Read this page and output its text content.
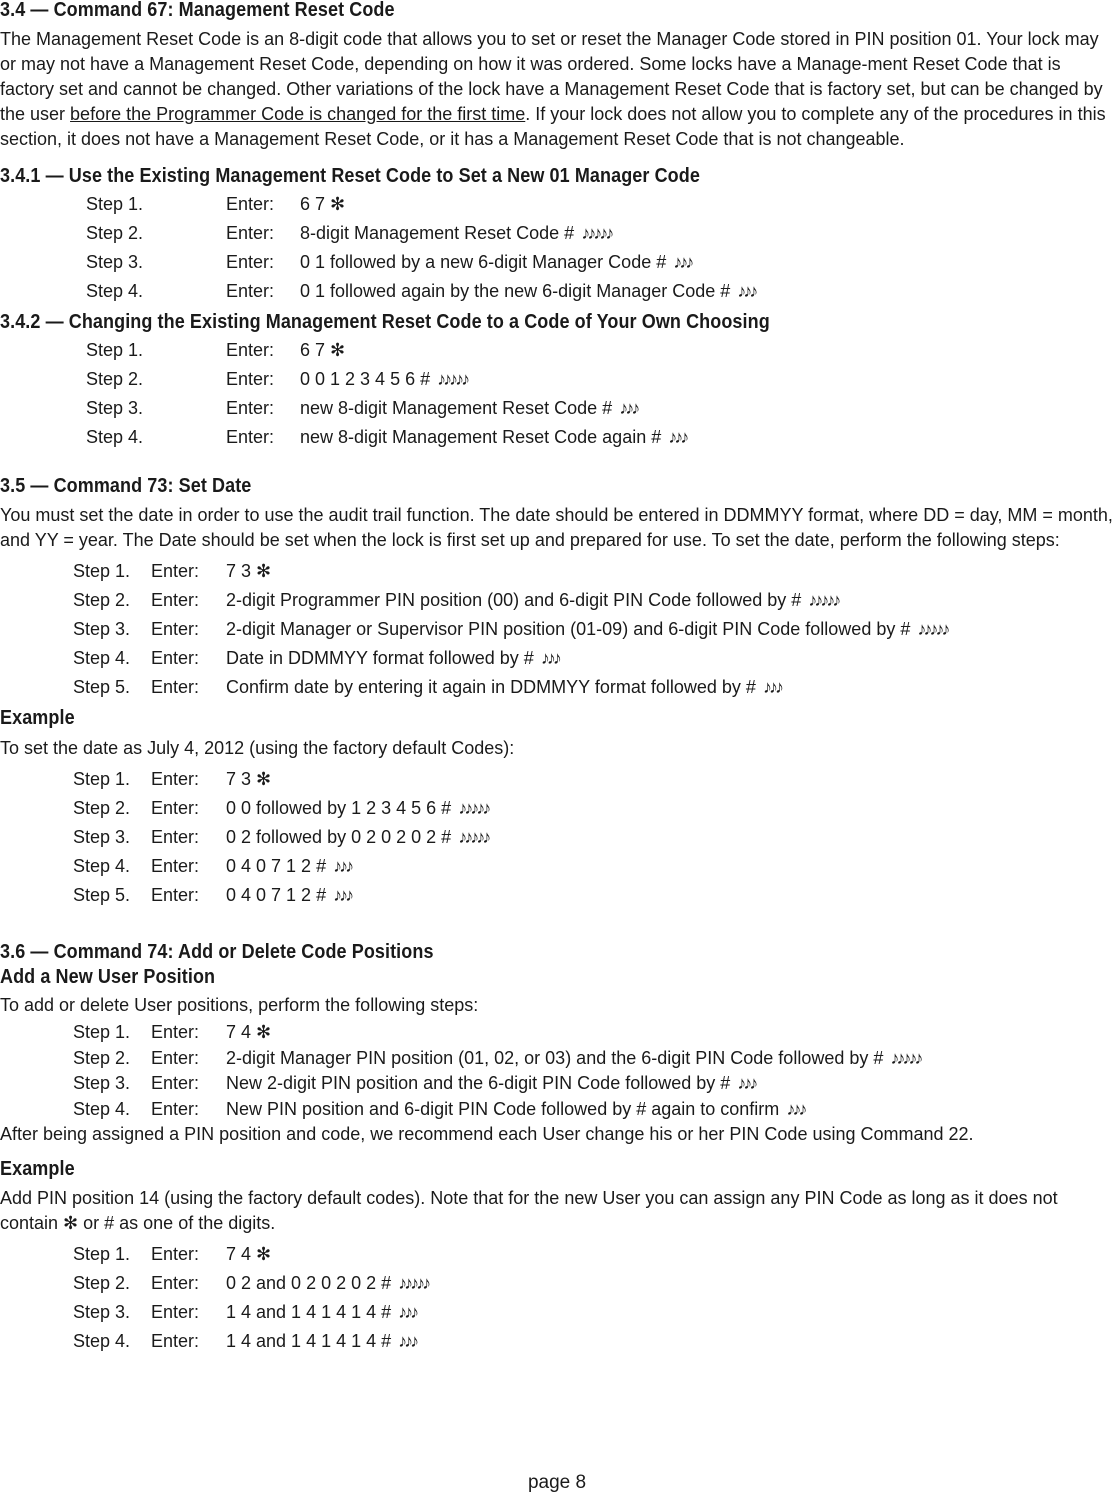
3.4 — Command 67: Management Reset Code

The Management Reset Code is an 8-digit code that allows you to set or reset the Manager Code stored in PIN position 01. Your lock may or may not have a Management Reset Code, depending on how it was ordered. Some locks have a Manage-ment Reset Code that is factory set and cannot be changed. Other variations of the lock have a Management Reset Code that is factory set, but can be changed by the user before the Programmer Code is changed for the first time. If your lock does not allow you to complete any of the procedures in this section, it does not have a Management Reset Code, or it has a Management Reset Code that is not changeable.

3.4.1 — Use the Existing Management Reset Code to Set a New 01 Manager Code
Step 1.	Enter: 6 7 ✻
Step 2.	Enter: 8-digit Management Reset Code # ♪♪♪♪♪
Step 3.	Enter: 0 1 followed by a new 6-digit Manager Code # ♪♪♪
Step 4.	Enter: 0 1 followed again by the new 6-digit Manager Code # ♪♪♪
3.4.2 — Changing the Existing Management Reset Code to a Code of Your Own Choosing
Step 1.	Enter: 6 7 ✻
Step 2.	Enter: 0 0 1 2 3 4 5 6 # ♪♪♪♪♪
Step 3.	Enter: new 8-digit Management Reset Code # ♪♪♪
Step 4.	Enter: new 8-digit Management Reset Code again # ♪♪♪
3.5 — Command 73: Set Date

You must set the date in order to use the audit trail function. The date should be entered in DDMMYY format, where DD = day, MM = month, and YY = year. The Date should be set when the lock is first set up and prepared for use. To set the date, perform the following steps:

Step 1. Enter: 7 3 ✻
Step 2. Enter: 2-digit Programmer PIN position (00) and 6-digit PIN Code followed by # ♪♪♪♪♪
Step 3. Enter: 2-digit Manager or Supervisor PIN position (01-09) and 6-digit PIN Code followed by # ♪♪♪♪♪
Step 4. Enter: Date in DDMMYY format followed by # ♪♪♪
Step 5. Enter: Confirm date by entering it again in DDMMYY format followed by # ♪♪♪
Example

To set the date as July 4, 2012 (using the factory default Codes):

Step 1. Enter: 7 3 ✻
Step 2. Enter: 0 0 followed by 1 2 3 4 5 6 # ♪♪♪♪♪
Step 3. Enter: 0 2 followed by 0 2 0 2 0 2 # ♪♪♪♪♪
Step 4. Enter: 0 4 0 7 1 2 # ♪♪♪
Step 5. Enter: 0 4 0 7 1 2 # ♪♪♪
3.6 — Command 74: Add or Delete Code Positions
Add a New User Position

To add or delete User positions, perform the following steps:

Step 1. Enter: 7 4 ✻
Step 2. Enter: 2-digit Manager PIN position (01, 02, or 03) and the 6-digit PIN Code followed by # ♪♪♪♪♪
Step 3. Enter: New 2-digit PIN position and the 6-digit PIN Code followed by # ♪♪♪
Step 4. Enter: New PIN position and 6-digit PIN Code followed by # again to confirm ♪♪♪

After being assigned a PIN position and code, we recommend each User change his or her PIN Code using Command 22.

Example

Add PIN position 14 (using the factory default codes). Note that for the new User you can assign any PIN Code as long as it does not contain ✻ or # as one of the digits.

Step 1. Enter: 7 4 ✻
Step 2. Enter: 0 2 and 0 2 0 2 0 2 # ♪♪♪♪♪
Step 3. Enter: 1 4 and 1 4 1 4 1 4 # ♪♪♪
Step 4. Enter: 1 4 and 1 4 1 4 1 4 # ♪♪♪
page 8
